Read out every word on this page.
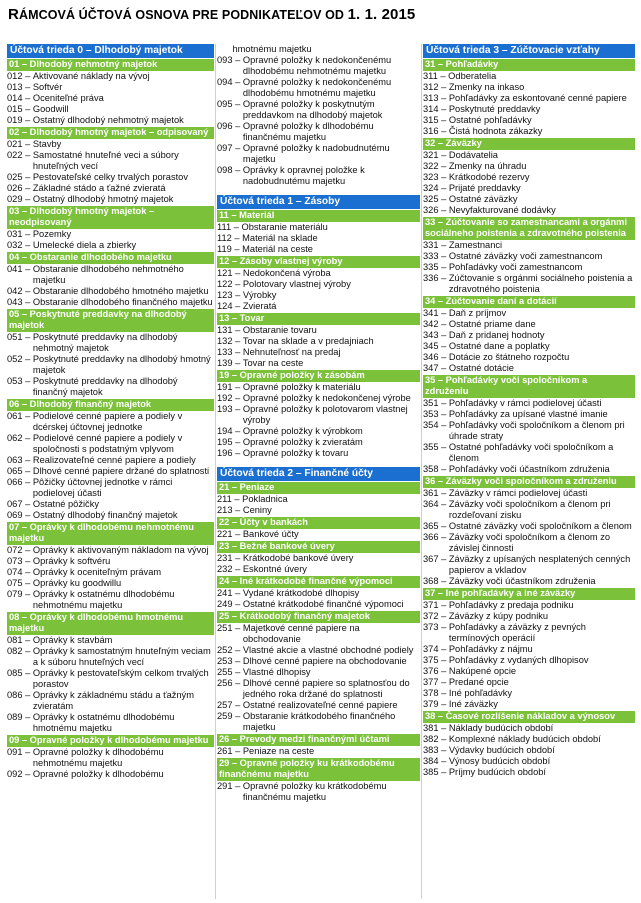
RÁMCOVÁ ÚČTOVÁ OSNOVA PRE PODNIKATEĽOV OD 1. 1. 2015
Účtová trieda 0 – Dlhodobý majetok
01 – Dlhodobý nehmotný majetok
012 – Aktivované náklady na vývoj
013 – Softvér
014 – Oceniteľné práva
015 – Goodwill
019 – Ostatný dlhodobý nehmotný majetok
02 – Dlhodobý hmotný majetok – odpisovaný
021 – Stavby
022 – Samostatné hnuteľné veci a súbory hnuteľných vecí
025 – Pestovateľské celky trvalých porastov
026 – Základné stádo a ťažné zvieratá
029 – Ostatný dlhodobý hmotný majetok
03 – Dlhodobý hmotný majetok – neodpisovaný
031 – Pozemky
032 – Umelecké diela a zbierky
04 – Obstaranie dlhodobého majetku
041 – Obstaranie dlhodobého nehmotného majetku
042 – Obstaranie dlhodobého hmotného majetku
043 – Obstaranie dlhodobého finančného majetku
05 – Poskytnuté preddavky na dlhodobý majetok
051 – Poskytnuté preddavky na dlhodobý nehmotný majetok
052 – Poskytnuté preddavky na dlhodobý hmotný majetok
053 – Poskytnuté preddavky na dlhodobý finančný majetok
06 – Dlhodobý finančný majetok
061 – Podielové cenné papiere a podiely v dcérskej účtovnej jednotke
062 – Podielové cenné papiere a podiely v spoločnosti s podstatným vplyvom
063 – Realizovateľné cenné papiere a podiely
065 – Dlhové cenné papiere držané do splatnosti
066 – Pôžičky účtovnej jednotke v rámci podielovej účasti
067 – Ostatné pôžičky
069 – Ostatný dlhodobý finančný majetok
07 – Oprávky k dlhodobému nehmotnému majetku
072 – Oprávky k aktivovaným nákladom na vývoj
073 – Oprávky k softvéru
074 – Oprávky k oceniteľným právam
075 – Oprávky ku goodwillu
079 – Oprávky k ostatnému dlhodobému nehmotnému majetku
08 – Oprávky k dlhodobému hmotnému majetku
081 – Oprávky k stavbám
082 – Oprávky k samostatným hnuteľným veciam a k súboru hnuteľných vecí
085 – Oprávky k pestovateľským celkom trvalých porastov
086 – Oprávky k základnému stádu a ťažným zvieratám
089 – Oprávky k ostatnému dlhodobému hmotnému majetku
09 – Opravné položky k dlhodobému majetku
091 – Opravné položky k dlhodobému nehmotnému majetku
092 – Opravné položky k dlhodobému

hmotnému majetku
093 – Opravné položky k nedokončenému dlhodobému nehmotnému majetku
094 – Opravné položky k nedokončenému dlhodobému hmotnému majetku
095 – Opravné položky k poskytnutým preddavkom na dlhodobý majetok
096 – Opravné položky k dlhodobému finančnému majetku
097 – Opravné položky k nadobudnutému majetku
098 – Oprávky k opravnej položke k nadobudnutému majetku
Účtová trieda 1 – Zásoby
11 – Materiál
111 – Obstaranie materiálu
112 – Materiál na sklade
119 – Materiál na ceste
12 – Zásoby vlastnej výroby
121 – Nedokončená výroba
122 – Polotovary vlastnej výroby
123 – Výrobky
124 – Zvieratá
13 – Tovar
131 – Obstaranie tovaru
132 – Tovar na sklade a v predajniach
133 – Nehnuteľnosť na predaj
139 – Tovar na ceste
19 – Opravné položky k zásobám
191 – Opravné položky k materiálu
192 – Opravné položky k nedokončenej výrobe
193 – Opravné položky k polotovarom vlastnej výroby
194 – Opravné položky k výrobkom
195 – Opravné položky k zvieratám
196 – Opravné položky k tovaru
Účtová trieda 2 – Finančné účty
21 – Peniaze
211 – Pokladnica
213 – Ceniny
22 – Účty v bankách
221 – Bankové účty
23 – Bežné bankové úvery
231 – Krátkodobé bankové úvery
232 – Eskontné úvery
24 – Iné krátkodobé finančné výpomoci
241 – Vydané krátkodobé dlhopisy
249 – Ostatné krátkodobé finančné výpomoci
25 – Krátkodobý finančný majetok
251 – Majetkové cenné papiere na obchodovanie
252 – Vlastné akcie a vlastné obchodné podiely
253 – Dlhové cenné papiere na obchodovanie
255 – Vlastné dlhopisy
256 – Dlhové cenné papiere so splatnosťou do jedného roka držané do splatnosti
257 – Ostatné realizovateľné cenné papiere
259 – Obstaranie krátkodobého finančného majetku
26 – Prevody medzi finančnými účtami
261 – Peniaze na ceste
29 – Opravné položky ku krátkodobému finančnému majetku
291 – Opravné položky ku krátkodobému finančnému majetku
Účtová trieda 3 – Zúčtovacie vzťahy
31 – Pohľadávky
311 – Odberatelia
312 – Zmenky na inkaso
313 – Pohľadávky za eskontované cenné papiere
314 – Poskytnuté preddavky
315 – Ostatné pohľadávky
316 – Čistá hodnota zákazky
32 – Záväzky
321 – Dodávatelia
322 – Zmenky na úhradu
323 – Krátkodobé rezervy
324 – Prijaté preddavky
325 – Ostatné záväzky
326 – Nevyfakturované dodávky
33 – Zúčtovanie so zamestnancami a orgánmi sociálneho poistenia a zdravotného poistenia
331 – Zamestnanci
333 – Ostatné záväzky voči zamestnancom
335 – Pohľadávky voči zamestnancom
336 – Zúčtovanie s orgánmi sociálneho poistenia a zdravotného poistenia
34 – Zúčtovanie daní a dotácií
341 – Daň z príjmov
342 – Ostatné priame dane
343 – Daň z pridanej hodnoty
345 – Ostatné dane a poplatky
346 – Dotácie zo štátneho rozpočtu
347 – Ostatné dotácie
35 – Pohľadávky voči spoločníkom a združeniu
351 – Pohľadávky v rámci podielovej účasti
353 – Pohľadávky za upísané vlastné imanie
354 – Pohľadávky voči spoločníkom a členom pri úhrade straty
355 – Ostatné pohľadávky voči spoločníkom a členom
358 – Pohľadávky voči účastníkom združenia
36 – Záväzky voči spoločníkom a združeniu
361 – Záväzky v rámci podielovej účasti
364 – Záväzky voči spoločníkom a členom pri rozdeľovaní zisku
365 – Ostatné záväzky voči spoločníkom a členom
366 – Záväzky voči spoločníkom a členom zo závislej činnosti
367 – Záväzky z upísaných nesplatených cenných papierov a vkladov
368 – Záväzky voči účastníkom združenia
37 – Iné pohľadávky a iné záväzky
371 – Pohľadávky z predaja podniku
372 – Záväzky z kúpy podniku
373 – Pohľadávky a záväzky z pevných termínových operácií
374 – Pohľadávky z nájmu
375 – Pohľadávky z vydaných dlhopisov
376 – Nakúpené opcie
377 – Predané opcie
378 – Iné pohľadávky
379 – Iné záväzky
38 – Časové rozlíšenie nákladov a výnosov
381 – Náklady budúcich období
382 – Komplexné náklady budúcich období
383 – Výdavky budúcich období
384 – Výnosy budúcich období
385 – Príjmy budúcich období
